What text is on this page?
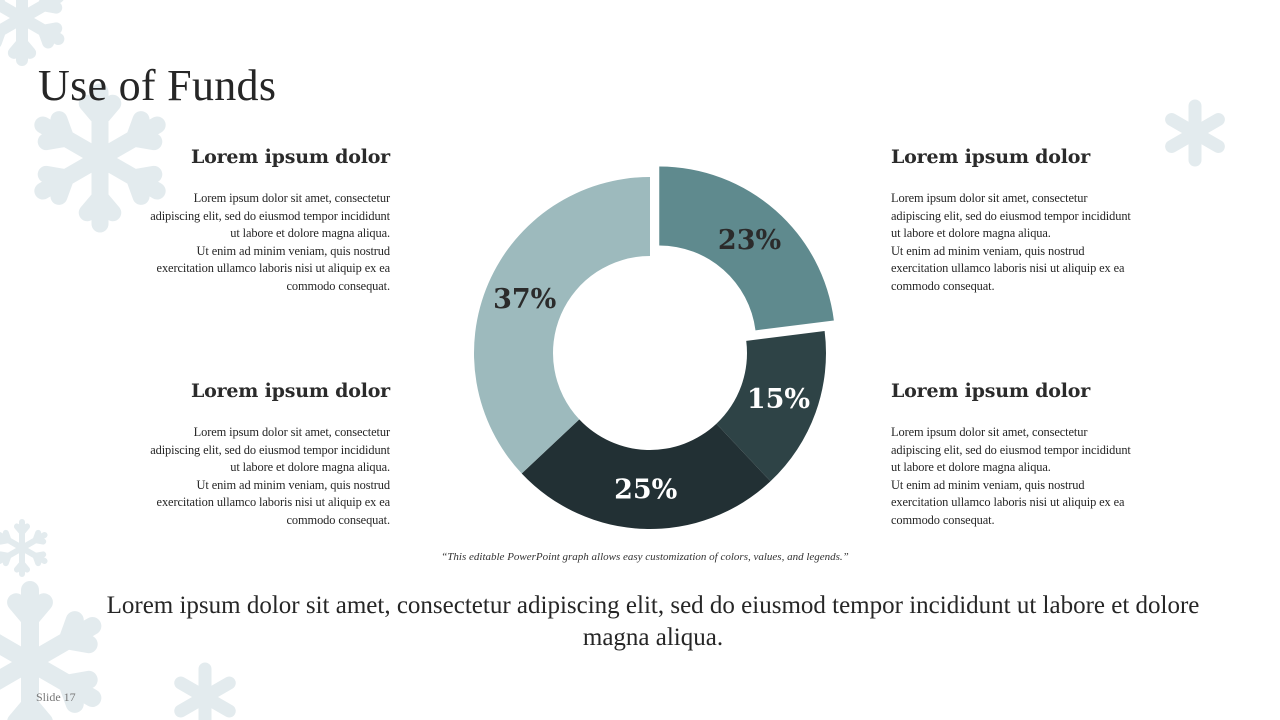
Use of Funds
Lorem ipsum dolor

Lorem ipsum dolor sit amet, consectetur
adipiscing elit, sed do eiusmod tempor incididunt
ut labore et dolore magna aliqua.
Ut enim ad minim veniam, quis nostrud
exercitation ullamco laboris nisi ut aliquip ex ea
commodo consequat.

Lorem ipsum dolor

Lorem ipsum dolor sit amet, consectetur
adipiscing elit, sed do eiusmod tempor incididunt
ut labore et dolore magna aliqua.
Ut enim ad minim veniam, quis nostrud
exercitation ullamco laboris nisi ut aliquip ex ea
commodo consequat.

Lorem ipsum dolor

Lorem ipsum dolor sit amet, consectetur
adipiscing elit, sed do eiusmod tempor incididunt
ut labore et dolore magna aliqua.
Ut enim ad minim veniam, quis nostrud
exercitation ullamco laboris nisi ut aliquip ex ea
commodo consequat.

Lorem ipsum dolor

Lorem ipsum dolor sit amet, consectetur
adipiscing elit, sed do eiusmod tempor incididunt
ut labore et dolore magna aliqua.
Ut enim ad minim veniam, quis nostrud
exercitation ullamco laboris nisi ut aliquip ex ea
commodo consequat.

23%
15%
25%
37%
“This editable PowerPoint graph allows easy customization of colors, values, and legends.”
Lorem ipsum dolor sit amet, consectetur adipiscing elit, sed do eiusmod tempor incididunt ut labore et dolore magna aliqua.
Slide 17
